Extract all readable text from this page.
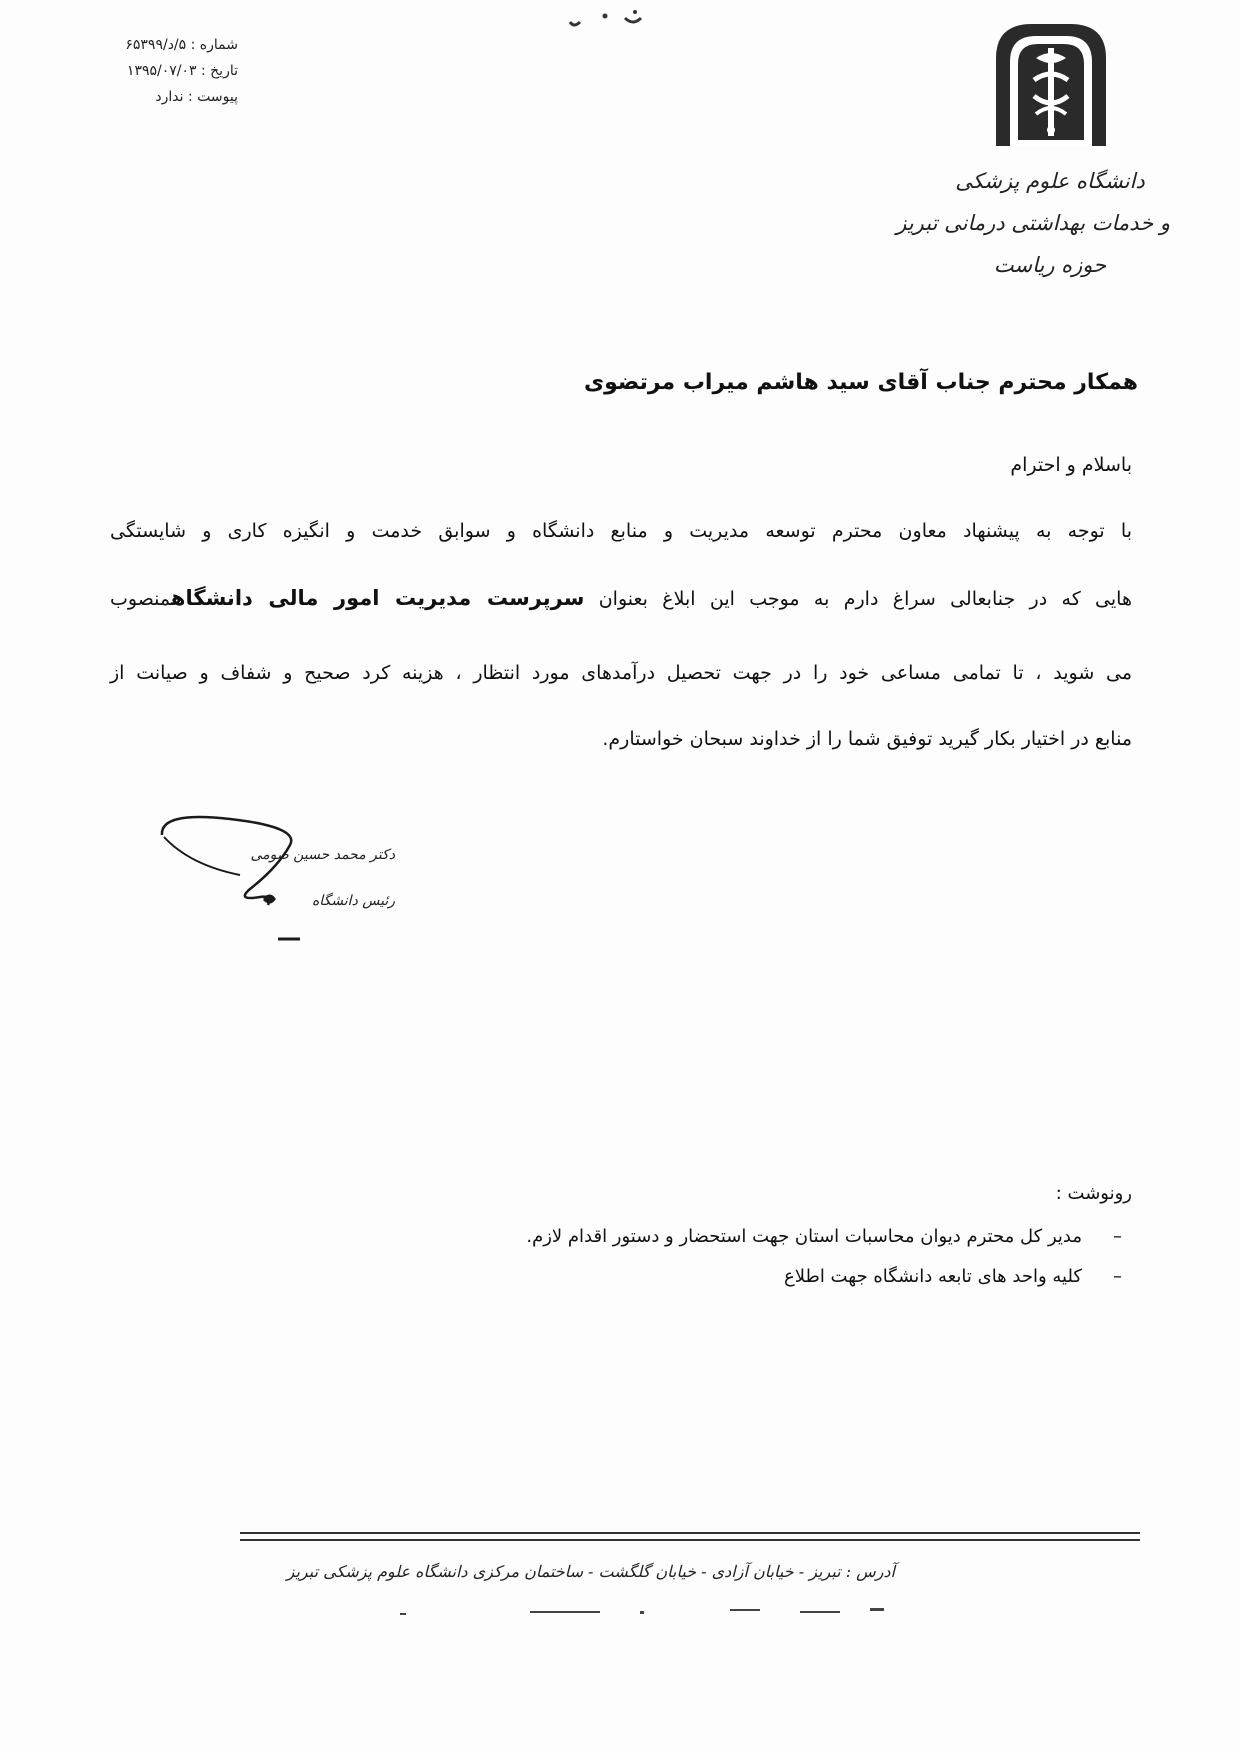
شماره : ۵/د/۶۵۳۹۹
تاریخ : ۱۳۹۵/۰۷/۰۳
پیوست : ندارد
دانشگاه علوم پزشکی
و خدمات بهداشتی درمانی تبریز
حوزه ریاست
همکار محترم جناب آقای سید هاشم میراب مرتضوی
باسلام و احترام
با توجه به پیشنهاد معاون محترم توسعه مدیریت و منابع دانشگاه و سوابق خدمت و انگیزه کاری و شایستگی
هایی که در جنابعالی سراغ دارم به موجب این ابلاغ بعنوان سرپرست مدیریت امور مالی دانشگاهمنصوب
می شوید ، تا تمامی مساعی خود را در جهت تحصیل درآمدهای مورد انتظار ، هزینه کرد صحیح و شفاف و صیانت از
منابع در اختیار بکار گیرید توفیق شما را از خداوند سبحان خواستارم.
دکتر محمد حسین صومی
رئیس دانشگاه
رونوشت :
–مدیر کل محترم دیوان محاسبات استان جهت استحضار و دستور اقدام لازم.
–کلیه واحد های تابعه دانشگاه جهت اطلاع
آدرس : تبریز - خیابان آزادی - خیابان گلگشت - ساختمان مرکزی دانشگاه علوم پزشکی تبریز
